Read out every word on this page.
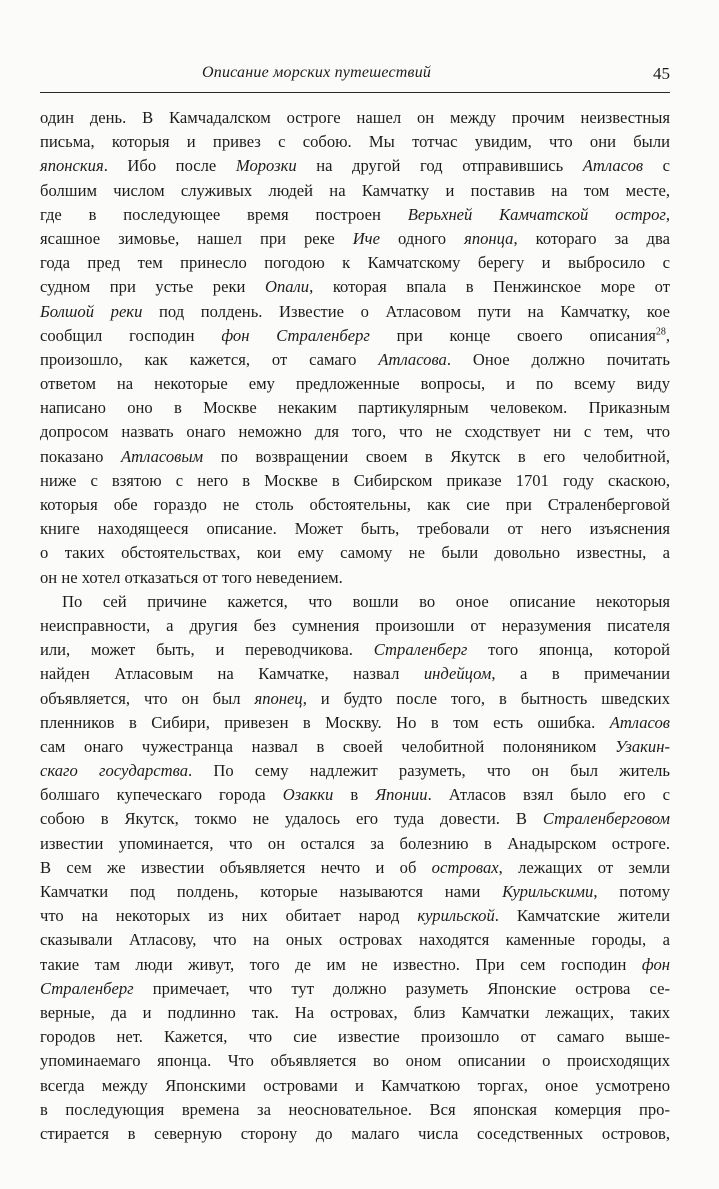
Описание морских путешествий	45
один день. В Камчадалском остроге нашел он между прочим неизвестныя
письма, которыя и привез с собою. Мы тотчас увидим, что они были
японския. Ибо после Морозки на другой год отправившись Атласов с
болшим числом служивых людей на Камчатку и поставив на том месте,
где в последующее время построен Верьхней Камчатской острог,
ясашное зимовье, нашел при реке Иче одного японца, котораго за два
года пред тем принесло погодою к Камчатскому берегу и выбросило с
судном при устье реки Опали, которая впала в Пенжинское море от
Болшой реки под полдень. Известие о Атласовом пути на Камчатку, кое
сообщил господин фон Страленберг при конце своего описания$^{28}$,
произошло, как кажется, от самаго Атласова. Оное должно почитать
ответом на некоторые ему предложенные вопросы, и по всему виду
написано оно в Москве некаким партикулярным человеком. Приказным
допросом назвать онаго неможно для того, что не сходствует ни с тем, что
показано Атласовым по возвращении своем в Якутск в его челобитной,
ниже с взятою с него в Москве в Сибирском приказе 1701 году скаскою,
которыя обе гораздо не столь обстоятельны, как сие при Страленберговой
книге находящееся описание. Может быть, требовали от него изъяснения
о таких обстоятельствах, кои ему самому не были довольно известны, а
он не хотел отказаться от того неведением.
По сей причине кажется, что вошли во оное описание некоторыя
неисправности, а другия без сумнения произошли от неразумения писателя
или, может быть, и переводчикова. Страленберг того японца, которой
найден Атласовым на Камчатке, назвал индейцом, а в примечании
объявляется, что он был японец, и будто после того, в бытность шведских
пленников в Сибири, привезен в Москву. Но в том есть ошибка. Атласов
сам онаго чужестранца назвал в своей челобитной полоняником Узакин-
скаго государства. По сему надлежит разуметь, что он был житель
болшаго купеческаго города Озакки в Японии. Атласов взял было его с
собою в Якутск, токмо не удалось его туда довести. В Страленберговом
известии упоминается, что он остался за болезнию в Анадырском остроге.
В сем же известии объявляется нечто и об островах, лежащих от земли
Камчатки под полдень, которые называются нами Курильскими, потому
что на некоторых из них обитает народ курильской. Камчатские жители
сказывали Атласову, что на оных островах находятся каменные городы, а
такие там люди живут, того де им не известно. При сем господин фон
Страленберг примечает, что тут должно разуметь Японские острова се-
верные, да и подлинно так. На островах, близ Камчатки лежащих, таких
городов нет. Кажется, что сие известие произошло от самаго выше-
упоминаемаго японца. Что объявляется во оном описании о происходящих
всегда между Японскими островами и Камчаткою торгах, оное усмотрено
в последующия времена за неосновательное. Вся японская комерция про-
стирается в северную сторону до малаго числа соседственных островов,
